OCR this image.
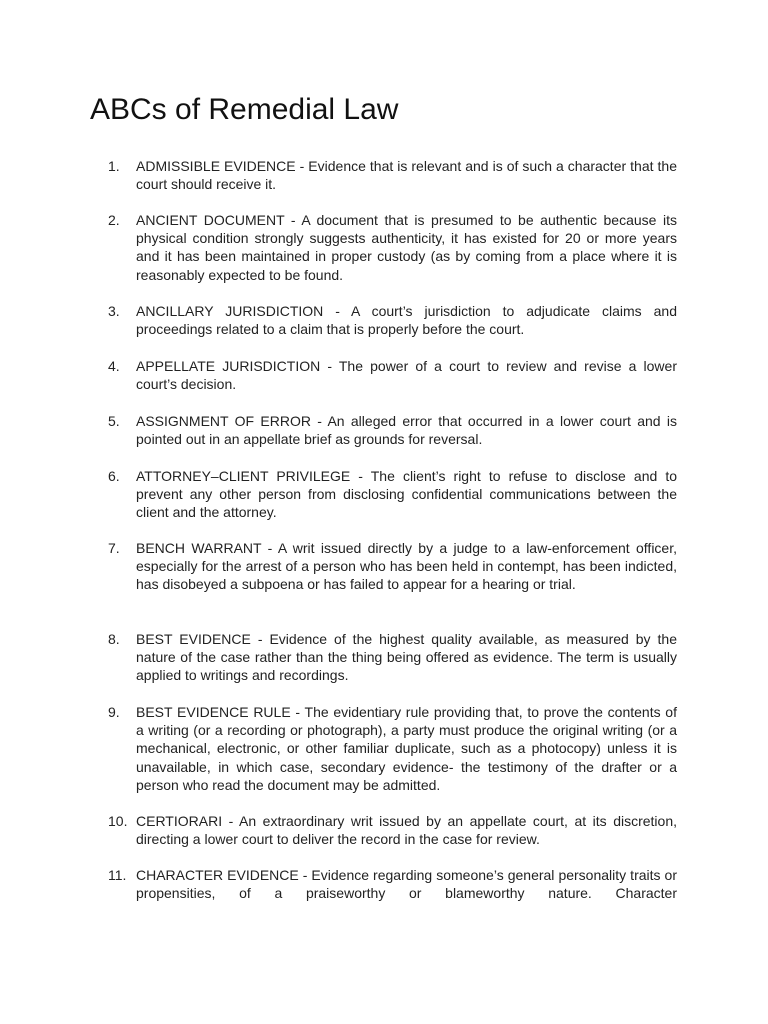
ABCs of Remedial Law
1.	ADMISSIBLE EVIDENCE - Evidence that is relevant and is of such a character that the court should receive it.

2.	ANCIENT DOCUMENT - A document that is presumed to be authentic because its physical condition strongly suggests authenticity, it has existed for 20 or more years and it has been maintained in proper custody (as by coming from a place where it is reasonably expected to be found.

3.	ANCILLARY JURISDICTION - A court’s jurisdiction to adjudicate claims and proceedings related to a claim that is properly before the court.

4.	APPELLATE JURISDICTION - The power of a court to review and revise a lower court’s decision.

5.	ASSIGNMENT OF ERROR - An alleged error that occurred in a lower court and is pointed out in an appellate brief as grounds for reversal.

6.	ATTORNEY–CLIENT PRIVILEGE - The client’s right to refuse to disclose and to prevent any other person from disclosing confidential communications between the client and the attorney.

7.	BENCH WARRANT - A writ issued directly by a judge to a law-enforcement officer, especially for the arrest of a person who has been held in contempt, has been indicted, has disobeyed a subpoena or has failed to appear for a hearing or trial.

8.	BEST EVIDENCE - Evidence of the highest quality available, as measured by the nature of the case rather than the thing being offered as evidence. The term is usually applied to writings and recordings.

9.	BEST EVIDENCE RULE - The evidentiary rule providing that, to prove the contents of a writing (or a recording or photograph), a party must produce the original writing (or a mechanical, electronic, or other familiar duplicate, such as a photocopy) unless it is unavailable, in which case, secondary evidence- the testimony of the drafter or a person who read the document may be admitted.

10. CERTIORARI - An extraordinary writ issued by an appellate court, at its discretion, directing a lower court to deliver the record in the case for review.

11. CHARACTER EVIDENCE - Evidence regarding someone’s general personality traits or propensities, of a praiseworthy or blameworthy nature. Character
